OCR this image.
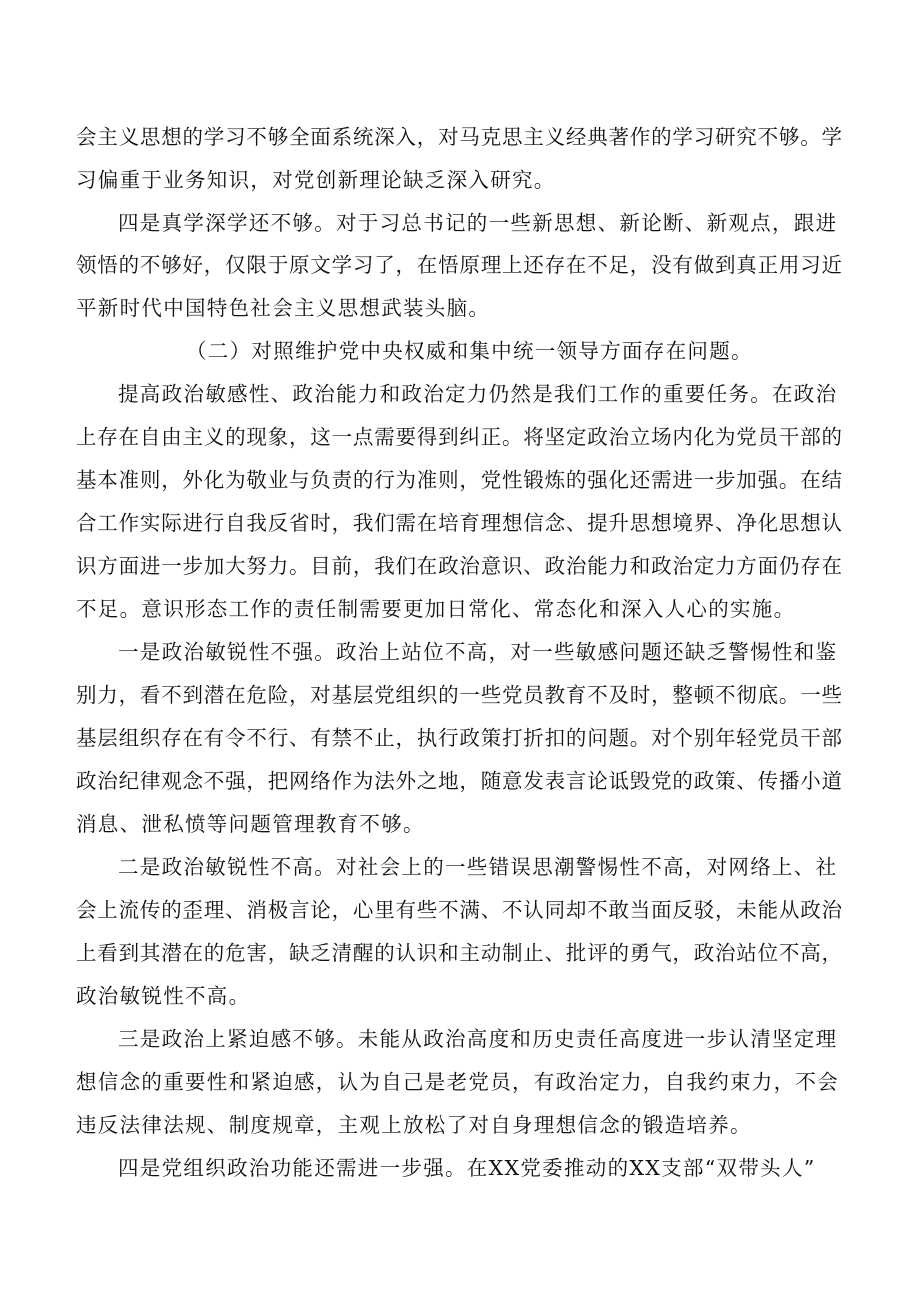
会主义思想的学习不够全面系统深入，对马克思主义经典著作的学习研究不够。学
习偏重于业务知识，对党创新理论缺乏深入研究。
四是真学深学还不够。对于习总书记的一些新思想、新论断、新观点，跟进
领悟的不够好，仅限于原文学习了，在悟原理上还存在不足，没有做到真正用习近
平新时代中国特色社会主义思想武装头脑。
（二）对照维护党中央权威和集中统一领导方面存在问题。
提高政治敏感性、政治能力和政治定力仍然是我们工作的重要任务。在政治
上存在自由主义的现象，这一点需要得到纠正。将坚定政治立场内化为党员干部的
基本准则，外化为敬业与负责的行为准则，党性锻炼的强化还需进一步加强。在结
合工作实际进行自我反省时，我们需在培育理想信念、提升思想境界、净化思想认
识方面进一步加大努力。目前，我们在政治意识、政治能力和政治定力方面仍存在
不足。意识形态工作的责任制需要更加日常化、常态化和深入人心的实施。
一是政治敏锐性不强。政治上站位不高，对一些敏感问题还缺乏警惕性和鉴
别力，看不到潜在危险，对基层党组织的一些党员教育不及时，整顿不彻底。一些
基层组织存在有令不行、有禁不止，执行政策打折扣的问题。对个别年轻党员干部
政治纪律观念不强，把网络作为法外之地，随意发表言论诋毁党的政策、传播小道
消息、泄私愤等问题管理教育不够。
二是政治敏锐性不高。对社会上的一些错误思潮警惕性不高，对网络上、社
会上流传的歪理、消极言论，心里有些不满、不认同却不敢当面反驳，未能从政治
上看到其潜在的危害，缺乏清醒的认识和主动制止、批评的勇气，政治站位不高，
政治敏锐性不高。
三是政治上紧迫感不够。未能从政治高度和历史责任高度进一步认清坚定理
想信念的重要性和紧迫感，认为自己是老党员，有政治定力，自我约束力，不会
违反法律法规、制度规章，主观上放松了对自身理想信念的锻造培养。
四是党组织政治功能还需进一步强。在XX党委推动的XX支部“双带头人”
